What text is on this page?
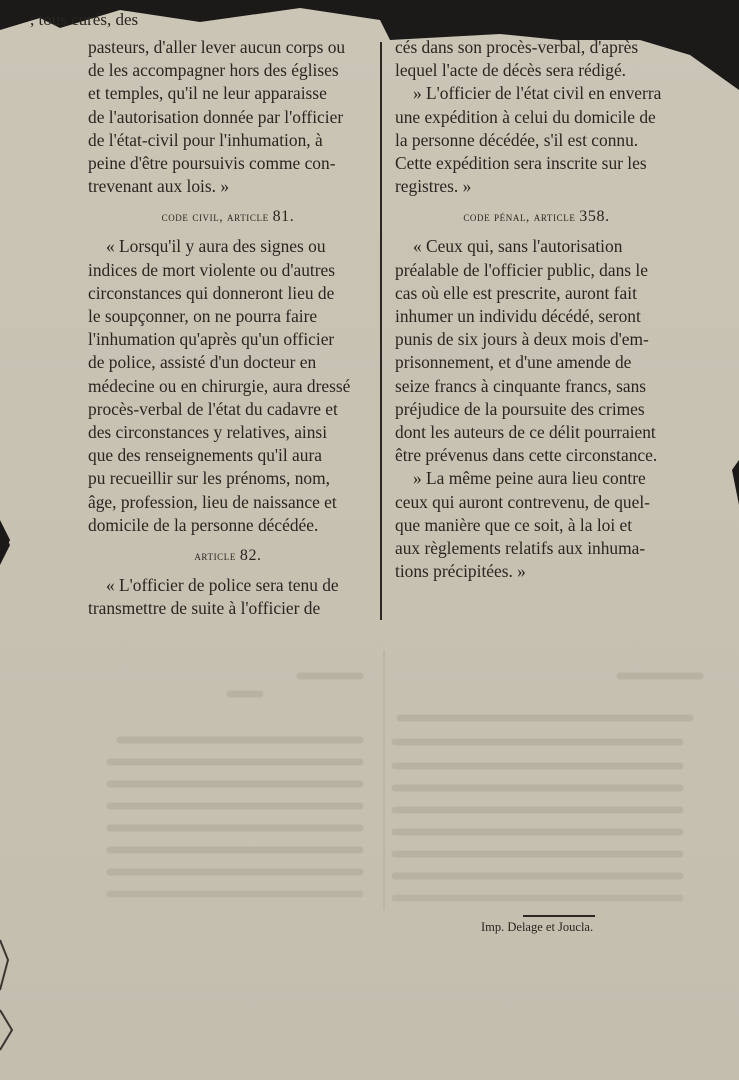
, tous curés, des

pasteurs, d'aller lever aucun corps ou

de les accompagner hors des églises

et temples, qu'il ne leur apparaisse

de l'autorisation donnée par l'officier

de l'état-civil pour l'inhumation, à

peine d'être poursuivis comme con-

trevenant aux lois. »

code civil, article 81.

« Lorsqu'il y aura des signes ou

indices de mort violente ou d'autres

circonstances qui donneront lieu de

le soupçonner, on ne pourra faire

l'inhumation qu'après qu'un officier

de police, assisté d'un docteur en

médecine ou en chirurgie, aura dressé

procès-verbal de l'état du cadavre et

des circonstances y relatives, ainsi

que des renseignements qu'il aura

pu recueillir sur les prénoms, nom,

âge, profession, lieu de naissance et

domicile de la personne décédée.

article 82.

« L'officier de police sera tenu de

transmettre de suite à l'officier de

cés dans son procès-verbal, d'après

lequel l'acte de décès sera rédigé.

» L'officier de l'état civil en enverra

une expédition à celui du domicile de

la personne décédée, s'il est connu.

Cette expédition sera inscrite sur les

registres. »

code pénal, article 358.

« Ceux qui, sans l'autorisation

préalable de l'officier public, dans le

cas où elle est prescrite, auront fait

inhumer un individu décédé, seront

punis de six jours à deux mois d'em-

prisonnement, et d'une amende de

seize francs à cinquante francs, sans

préjudice de la poursuite des crimes

dont les auteurs de ce délit pourraient

être prévenus dans cette circonstance.

» La même peine aura lieu contre

ceux qui auront contrevenu, de quel-

que manière que ce soit, à la loi et

aux règlements relatifs aux inhuma-

tions précipitées. »

Imp. Delage et Joucla.
